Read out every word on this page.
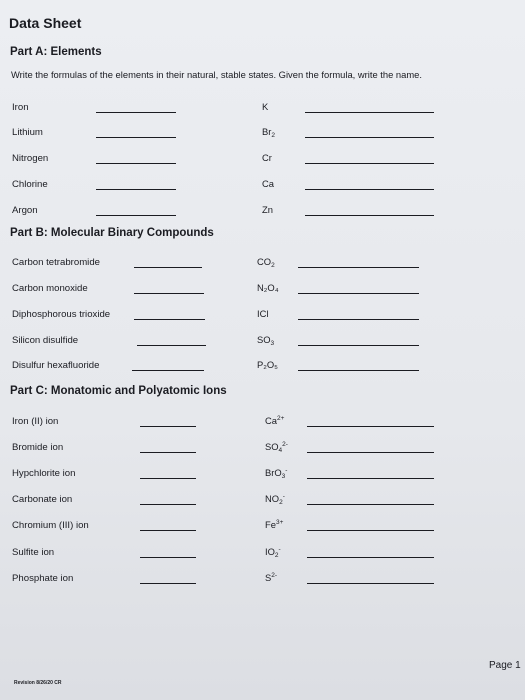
Data Sheet
Part A: Elements
Write the formulas of the elements in their natural, stable states. Given the formula, write the name.
Iron	K
Lithium	$Br_2$
Nitrogen	Cr
Chlorine	Ca
Argon	Zn
Part B: Molecular Binary Compounds
Carbon tetrabromide	$CO_2$
Carbon monoxide	N₂O₄
Diphosphorous trioxide	ICl
Silicon disulfide	$SO_3$
Disulfur hexafluoride	P₂O₅
Part C: Monatomic and Polyatomic Ions
Iron (II) ion	$Ca^{2+}$
Bromide ion	$SO_4^{2-}$
Hypchlorite ion	BrO$_3$-
Carbonate ion	$NO_2^-$
Chromium (III) ion	$Fe^{3+}$
Sulfite ion	$IO_2^-$
Phosphate ion	$S^{2-}$
Revision 8/26/20 CR
Page 1
